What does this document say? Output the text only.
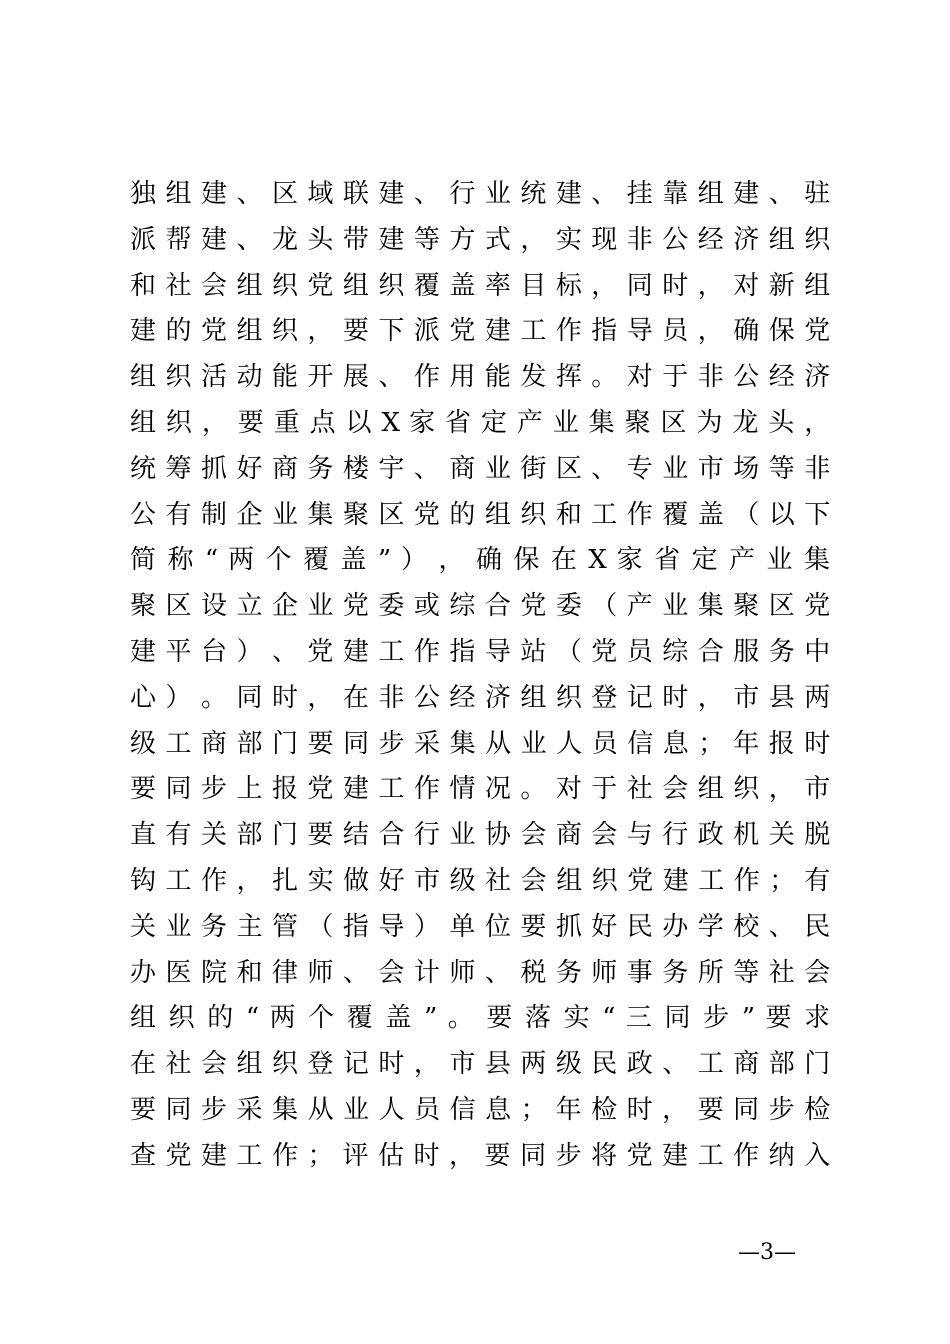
独 组 建 、 区 域 联 建 、 行 业 统 建 、 挂 靠 组 建 、 驻
派 帮 建 、 龙 头 带 建 等 方 式 ， 实 现 非 公 经 济 组 织
和 社 会 组 织 党 组 织 覆 盖 率 目 标 ， 同 时 ， 对 新 组
建 的 党 组 织 ， 要 下 派 党 建 工 作 指 导 员 ， 确 保 党
组 织 活 动 能 开 展 、 作 用 能 发 挥 。 对 于 非 公 经 济
组 织 ， 要 重 点 以 X 家 省 定 产 业 集 聚 区 为 龙 头 ，
统 筹 抓 好 商 务 楼 宇 、 商 业 街 区 、 专 业 市 场 等 非
公 有 制 企 业 集 聚 区 党 的 组 织 和 工 作 覆 盖 （ 以 下
简 称 “ 两 个 覆 盖 ” ） ， 确 保 在 X 家 省 定 产 业 集
聚 区 设 立 企 业 党 委 或 综 合 党 委 （ 产 业 集 聚 区 党
建 平 台 ） 、 党 建 工 作 指 导 站 （ 党 员 综 合 服 务 中
心 ） 。 同 时 ， 在 非 公 经 济 组 织 登 记 时 ， 市 县 两
级 工 商 部 门 要 同 步 采 集 从 业 人 员 信 息 ； 年 报 时
要 同 步 上 报 党 建 工 作 情 况 。 对 于 社 会 组 织 ， 市
直 有 关 部 门 要 结 合 行 业 协 会 商 会 与 行 政 机 关 脱
钩 工 作 ， 扎 实 做 好 市 级 社 会 组 织 党 建 工 作 ； 有
关 业 务 主 管 （ 指 导 ） 单 位 要 抓 好 民 办 学 校 、 民
办 医 院 和 律 师 、 会 计 师 、 税 务 师 事 务 所 等 社 会
组 织 的 “ 两 个 覆 盖 ” 。 要 落 实 “ 三 同 步 ” 要 求
在 社 会 组 织 登 记 时 ， 市 县 两 级 民 政 、 工 商 部 门
要 同 步 采 集 从 业 人 员 信 息 ； 年 检 时 ， 要 同 步 检
查 党 建 工 作 ； 评 估 时 ， 要 同 步 将 党 建 工 作 纳 入
—3—
